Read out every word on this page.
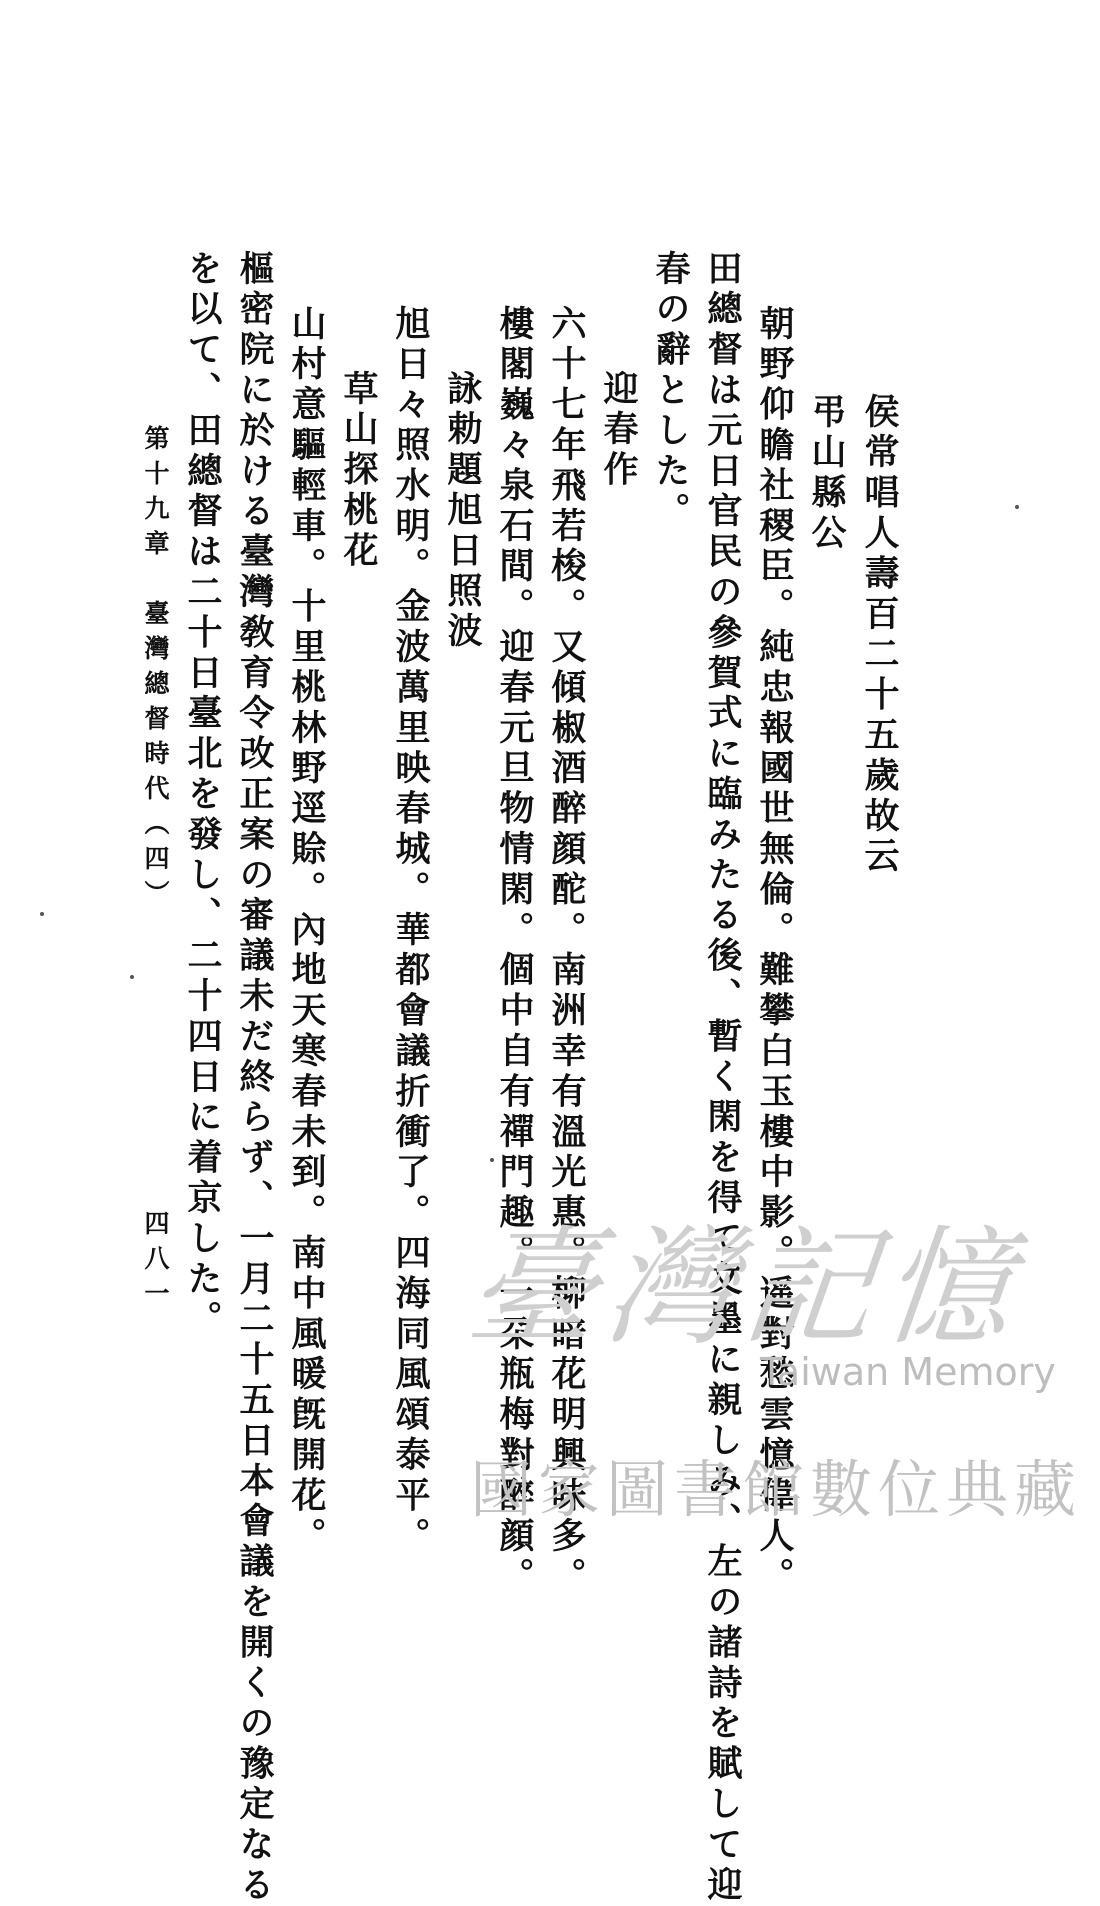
侯常唱人壽百二十五歲故云
弔山縣公
朝野仰瞻社稷臣。純忠報國世無倫。難攀白玉樓中影。遥對愁雲憶偉人。
田總督は元日官民の參賀式に臨みたる後、暫く閑を得て文墨に親しみ、左の諸詩を賦して迎
春の辭とした。
迎春作
六十七年飛若梭。又傾椒酒醉顔酡。南洲幸有溫光惠。柳暗花明興味多。
樓閣巍々泉石間。迎春元旦物情閑。個中自有禪門趣。一朶瓶梅對醉顔。
詠勅題旭日照波
旭日々照水明。金波萬里映春城。華都會議折衝了。四海同風頌泰平。
草山探桃花
山村意驅輕車。十里桃林野逕賒。內地天寒春未到。南中風暖旣開花。
樞密院に於ける臺灣敎育令改正案の審議未だ終らず、一月二十五日本會議を開くの豫定なる
を以て、田總督は二十日臺北を發し、二十四日に着京した。
第十九章　臺灣總督時代（四）
四八一 臺灣記憶
Taiwan Memory
國家圖書館數位典藏
